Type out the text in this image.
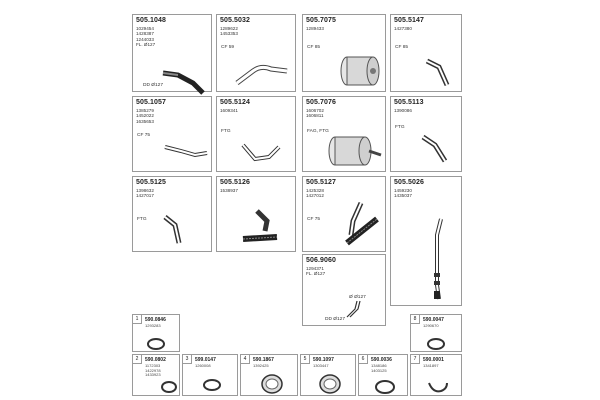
505.1048
1029454
1428387
1244033
FL. Ø127
DD Ø127
505.5032
1289622
1453353
CF 59
505.7075
1289433
CF 85
505.5147
1427380
CF 85
505.1057
1385279
1452022
1635653
CF 75
505.5124
1609341
FTG
505.7076
1606702
1606811
FAG, FTG
505.5113
1390086
FTG
505.5125
1398632
1427017
FTG
505.5126
1538937
505.5127
1425328
1427012
CF 75
505.5026
1459230
1435037
506.9060
1294371
FL. Ø127
Ø Ø127
DD Ø127
1	590.0846
1293283
8	590.0047
1290670
2	590.0802
1172303
1422978
1433923
3	599.0147
1260008
4	590.1867
1392425
5	590.1097
1303447
6	590.0036
1348186
1403125
7	590.0001
1341897
